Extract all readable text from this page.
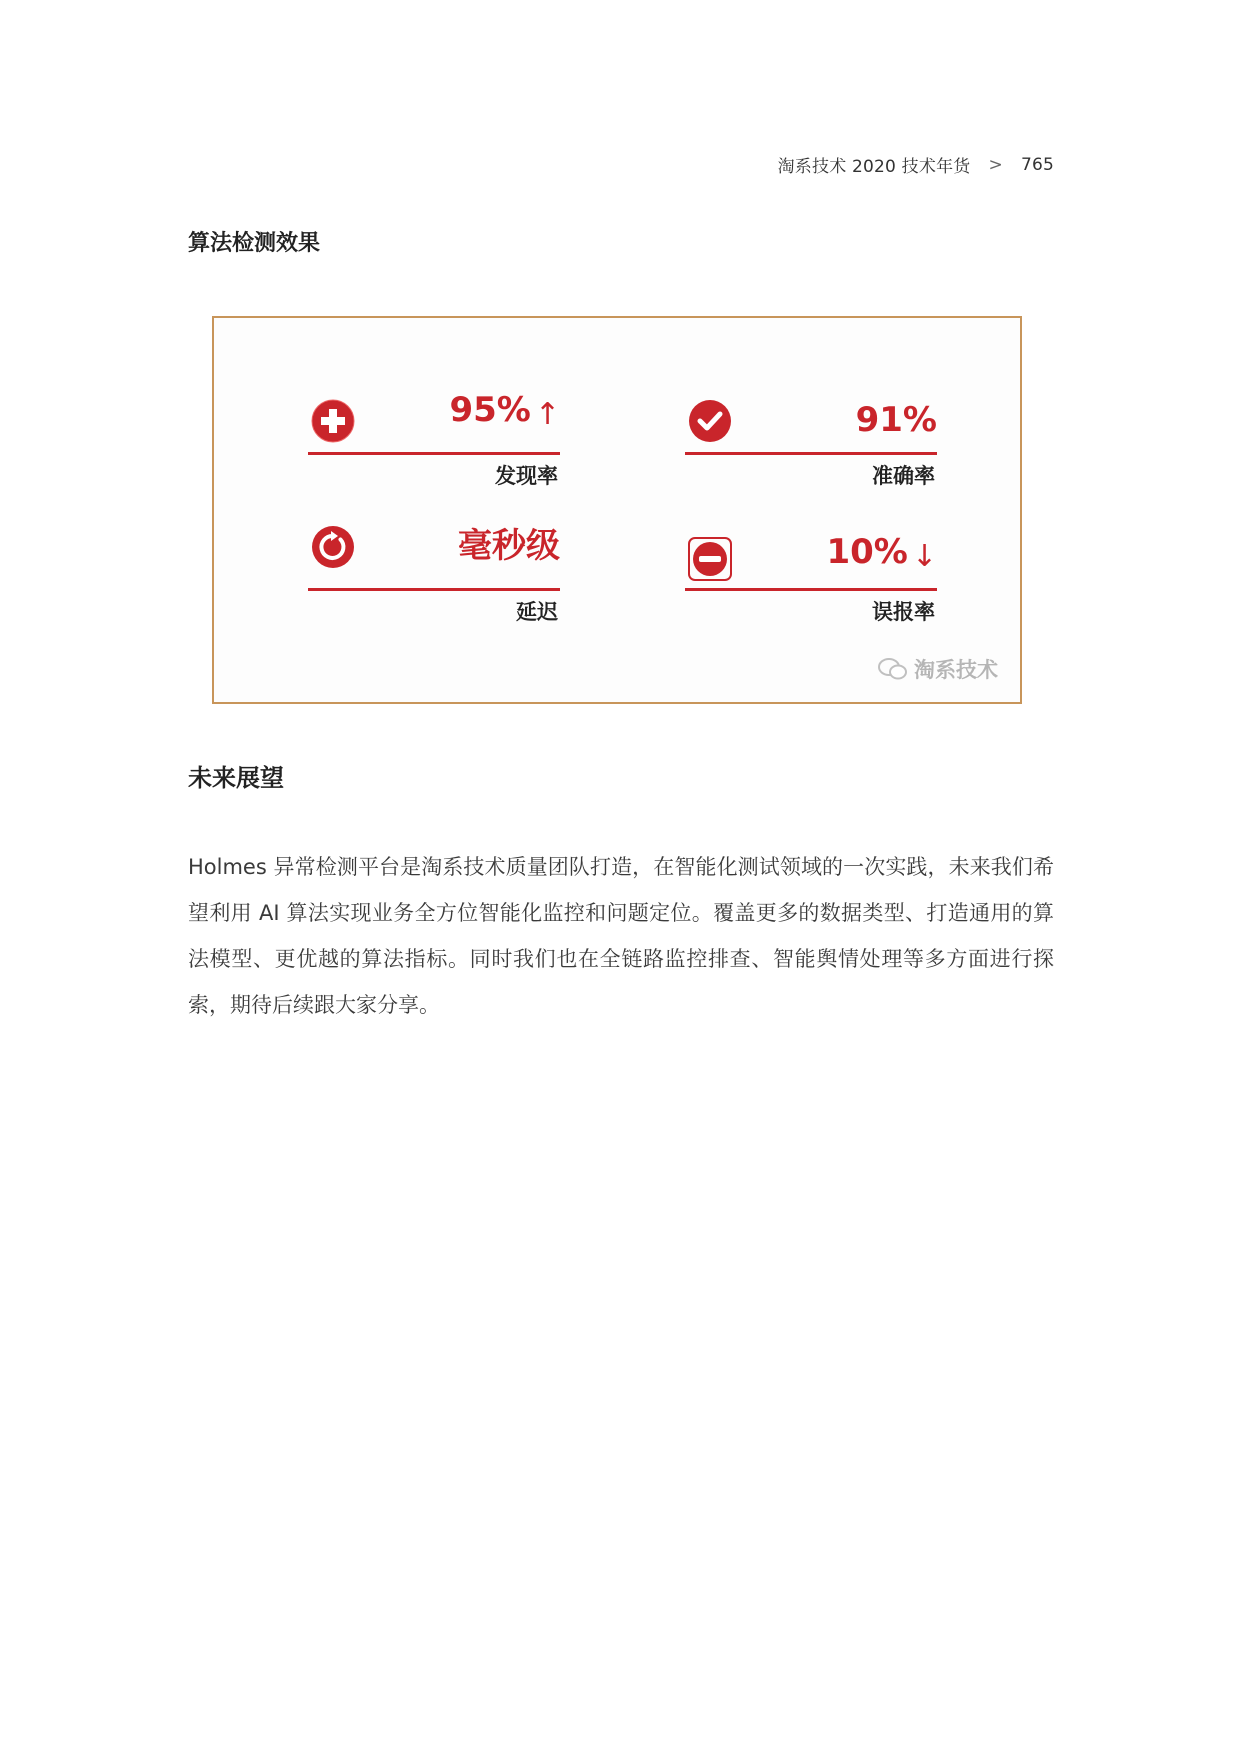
淘系技术 2020 技术年货 > 765
算法检测效果
95% ↑
发现率
91%
准确率
毫秒级
延迟
10% ↓
误报率
淘系技术
未来展望
Holmes 异常检测平台是淘系技术质量团队打造，在智能化测试领域的一次实践，未来我们希望利用 AI 算法实现业务全方位智能化监控和问题定位。覆盖更多的数据类型、打造通用的算法模型、更优越的算法指标。同时我们也在全链路监控排查、智能舆情处理等多方面进行探索，期待后续跟大家分享。
